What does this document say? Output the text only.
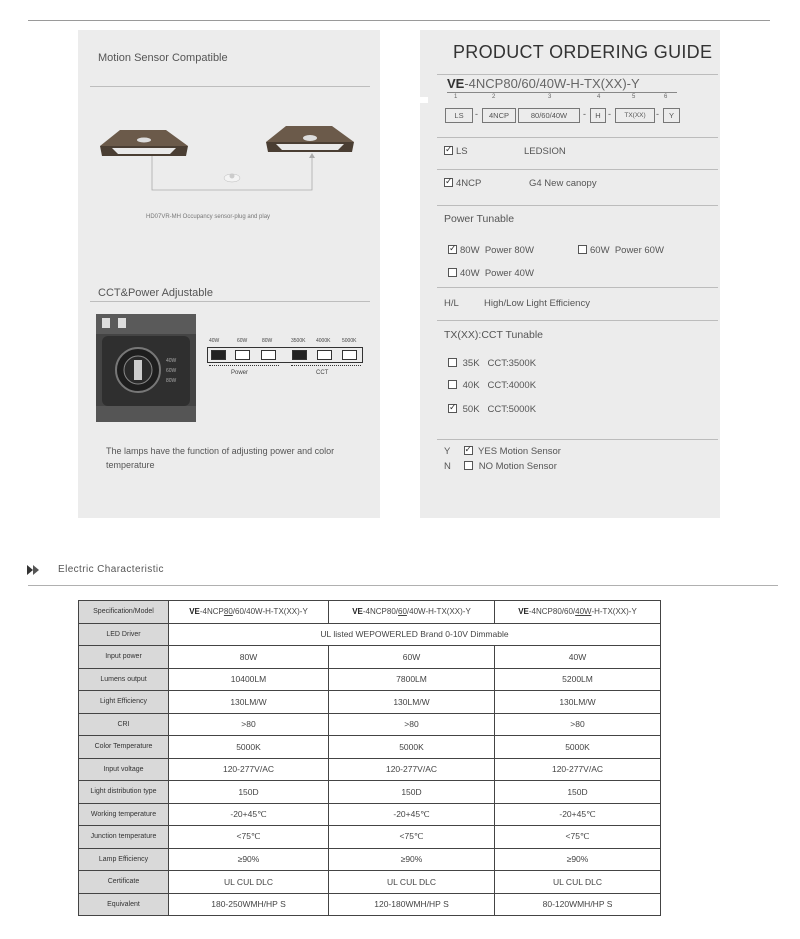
Motion Sensor Compatible
HD07VR-MH Occupancy sensor-plug and play
CCT&Power Adjustable
40W
60W
80W
40W	60W	80W	3500K 4000K 5000K
Power	CCT
The lamps have the function of adjusting power and color temperature
PRODUCT ORDERING GUIDE
VE-4NCP80/60/40W-H-TX(XX)-Y
1	2	3	4	5	6
LS	-	4NCP	80/60/40W	-	H -	TX(XX)	-	Y
✓LS	LEDSION
✓4NCP	G4 New canopy
Power Tunable
✓80W Power 80W	60W Power 60W
40W Power 40W
H/L	High/Low Light Efficiency
TX(XX):CCT Tunable
35K CCT:3500K
40K CCT:4000K
✓ 50K CCT:5000K
Y ✓	YES Motion Sensor
N	NO Motion Sensor
Electric Characteristic
Specification/Model	VE-4NCP80/60/40W-H-TX(XX)-Y	VE-4NCP80/60/40W-H-TX(XX)-Y	VE-4NCP80/60/40W-H-TX(XX)-Y
LED Driver	UL listed WEPOWERLED Brand 0-10V Dimmable		
Input power	80W	60W	40W
Lumens output	10400LM	7800LM	5200LM
Light Efficiency	130LM/W	130LM/W	130LM/W
CRI	>80	>80	>80
Color Temperature	5000K	5000K	5000K
Input voltage	120-277V/AC	120-277V/AC	120-277V/AC
Light distribution type	150D	150D	150D
Working temperature	-20+45℃	-20+45℃	-20+45℃
Junction temperature	<75℃	<75℃	<75℃
Lamp Efficiency	≥90%	≥90%	≥90%
Certificate	UL CUL DLC	UL CUL DLC	UL CUL DLC
Equivalent	180-250WMH/HP S	120-180WMH/HP S	80-120WMH/HP S
